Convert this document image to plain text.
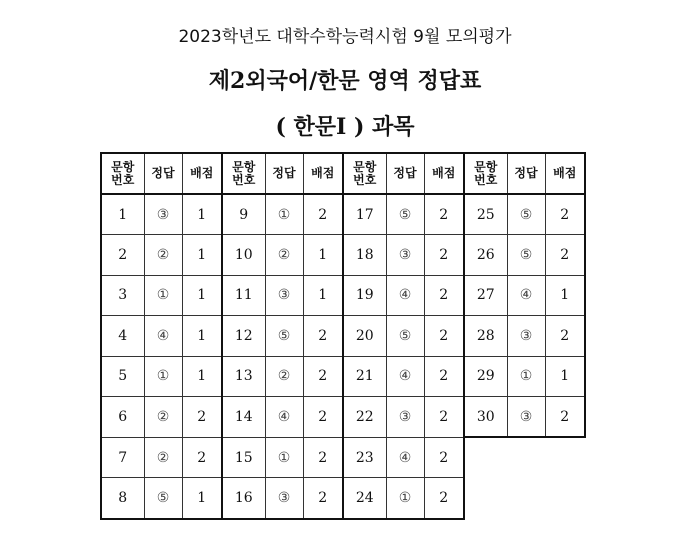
2023학년도 대학수학능력시험 9월 모의평가
제2외국어/한문 영역 정답표
( 한문Ⅰ ) 과목
문항
번호	정답	배점	문항
번호	정답	배점	문항
번호	정답	배점	문항
번호	정답	배점
1	③	1	9	①	2	17	⑤	2	25	⑤	2
2	②	1	10	②	1	18	③	2	26	⑤	2
3	①	1	11	③	1	19	④	2	27	④	1
4	④	1	12	⑤	2	20	⑤	2	28	③	2
5	①	1	13	②	2	21	④	2	29	①	1
6	②	2	14	④	2	22	③	2	30	③	2
7	②	2	15	①	2	23	④	2			
8	⑤	1	16	③	2	24	①	2			
